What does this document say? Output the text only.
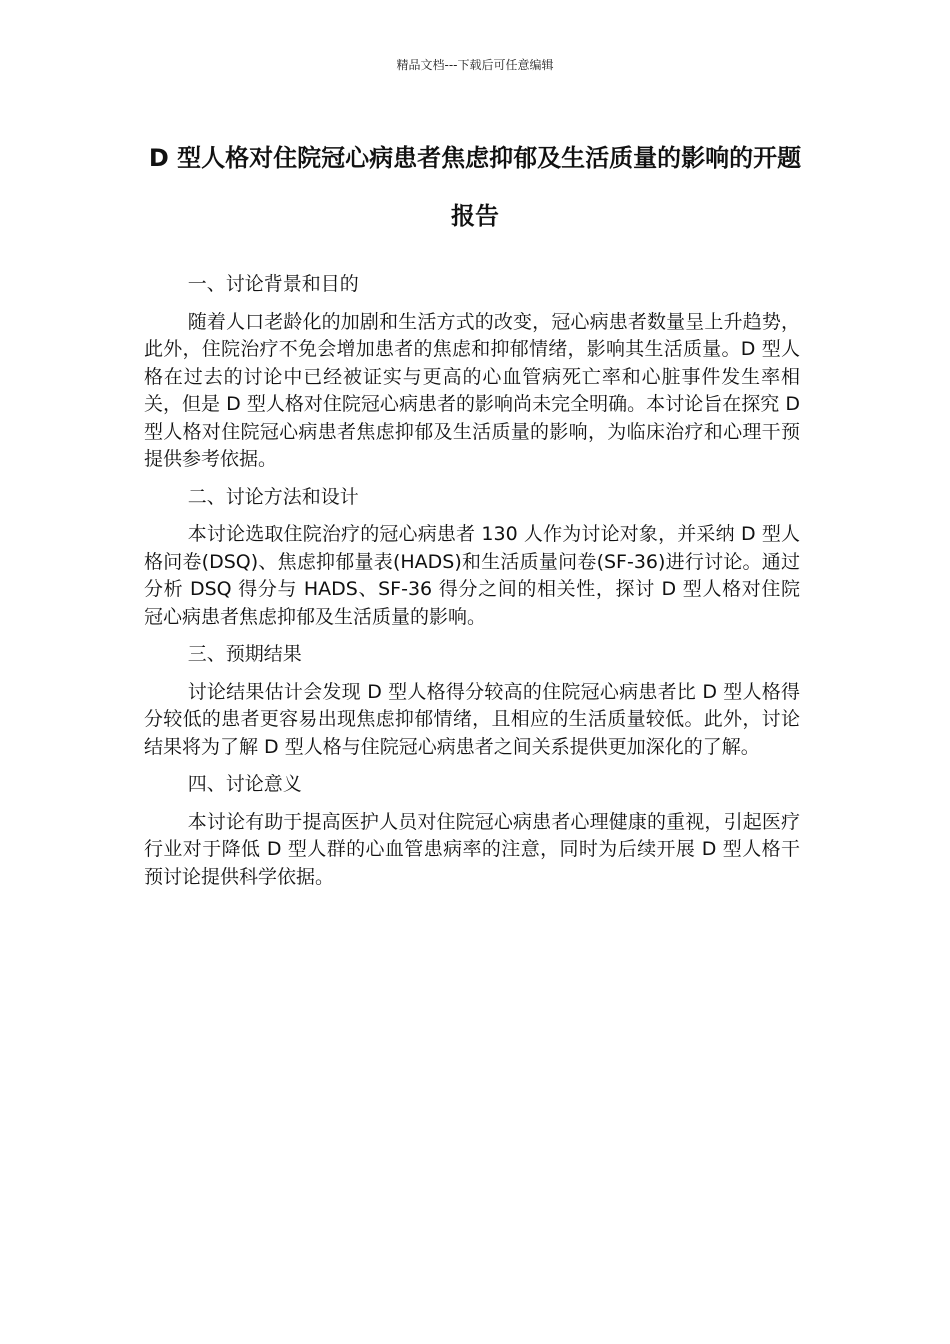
精品文档---下载后可任意编辑
D 型人格对住院冠心病患者焦虑抑郁及生活质量的影响的开题报告

一、讨论背景和目的

随着人口老龄化的加剧和生活方式的改变，冠心病患者数量呈上升趋势，此外，住院治疗不免会增加患者的焦虑和抑郁情绪，影响其生活质量。D 型人格在过去的讨论中已经被证实与更高的心血管病死亡率和心脏事件发生率相关，但是 D 型人格对住院冠心病患者的影响尚未完全明确。本讨论旨在探究 D 型人格对住院冠心病患者焦虑抑郁及生活质量的影响，为临床治疗和心理干预提供参考依据。

二、讨论方法和设计

本讨论选取住院治疗的冠心病患者 130 人作为讨论对象，并采纳 D 型人格问卷(DSQ)、焦虑抑郁量表(HADS)和生活质量问卷(SF-36)进行讨论。通过分析 DSQ 得分与 HADS、SF-36 得分之间的相关性，探讨 D 型人格对住院冠心病患者焦虑抑郁及生活质量的影响。

三、预期结果

讨论结果估计会发现 D 型人格得分较高的住院冠心病患者比 D 型人格得分较低的患者更容易出现焦虑抑郁情绪，且相应的生活质量较低。此外，讨论结果将为了解 D 型人格与住院冠心病患者之间关系提供更加深化的了解。

四、讨论意义

本讨论有助于提高医护人员对住院冠心病患者心理健康的重视，引起医疗行业对于降低 D 型人群的心血管患病率的注意，同时为后续开展 D 型人格干预讨论提供科学依据。
